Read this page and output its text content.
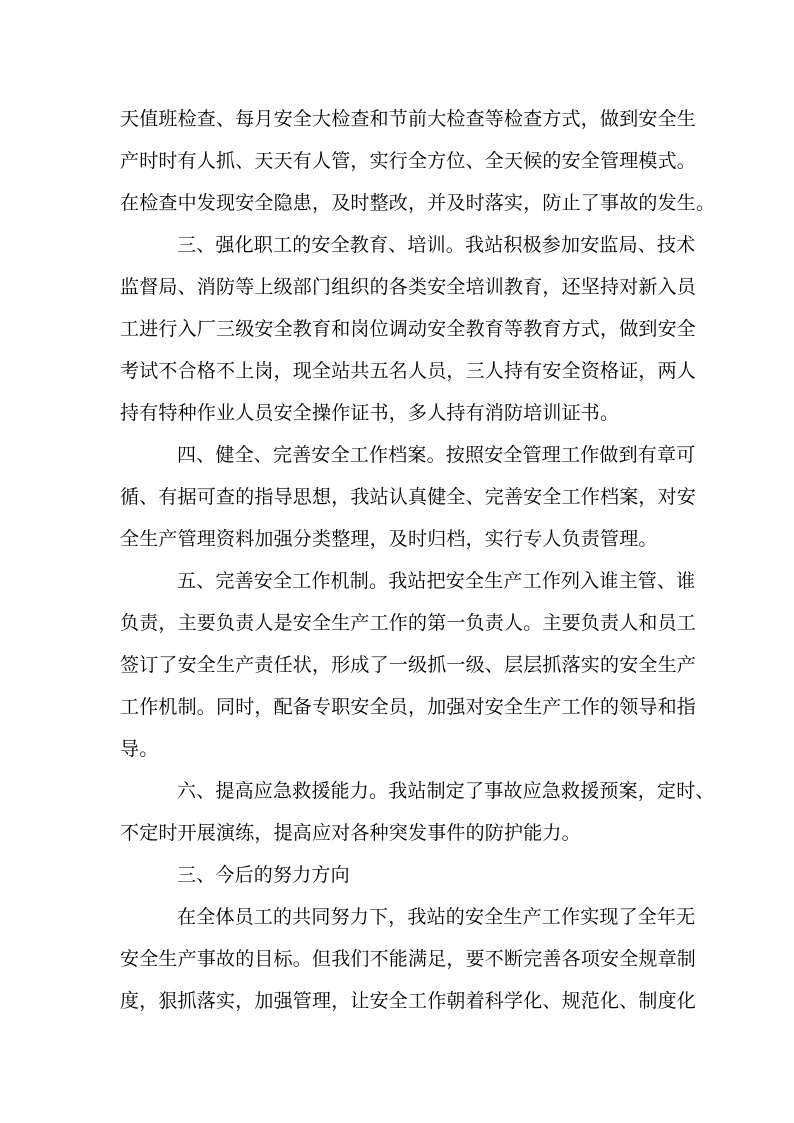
天值班检查、每月安全大检查和节前大检查等检查方式，做到安全生
产时时有人抓、天天有人管，实行全方位、全天候的安全管理模式。
在检查中发现安全隐患，及时整改，并及时落实，防止了事故的发生。
三、强化职工的安全教育、培训。我站积极参加安监局、技术
监督局、消防等上级部门组织的各类安全培训教育，还坚持对新入员
工进行入厂三级安全教育和岗位调动安全教育等教育方式，做到安全
考试不合格不上岗，现全站共五名人员，三人持有安全资格证，两人
持有特种作业人员安全操作证书，多人持有消防培训证书。
四、健全、完善安全工作档案。按照安全管理工作做到有章可
循、有据可查的指导思想，我站认真健全、完善安全工作档案，对安
全生产管理资料加强分类整理，及时归档，实行专人负责管理。
五、完善安全工作机制。我站把安全生产工作列入谁主管、谁
负责，主要负责人是安全生产工作的第一负责人。主要负责人和员工
签订了安全生产责任状，形成了一级抓一级、层层抓落实的安全生产
工作机制。同时，配备专职安全员，加强对安全生产工作的领导和指
导。
六、提高应急救援能力。我站制定了事故应急救援预案，定时、
不定时开展演练，提高应对各种突发事件的防护能力。
三、今后的努力方向
在全体员工的共同努力下，我站的安全生产工作实现了全年无
安全生产事故的目标。但我们不能满足，要不断完善各项安全规章制
度，狠抓落实，加强管理，让安全工作朝着科学化、规范化、制度化
